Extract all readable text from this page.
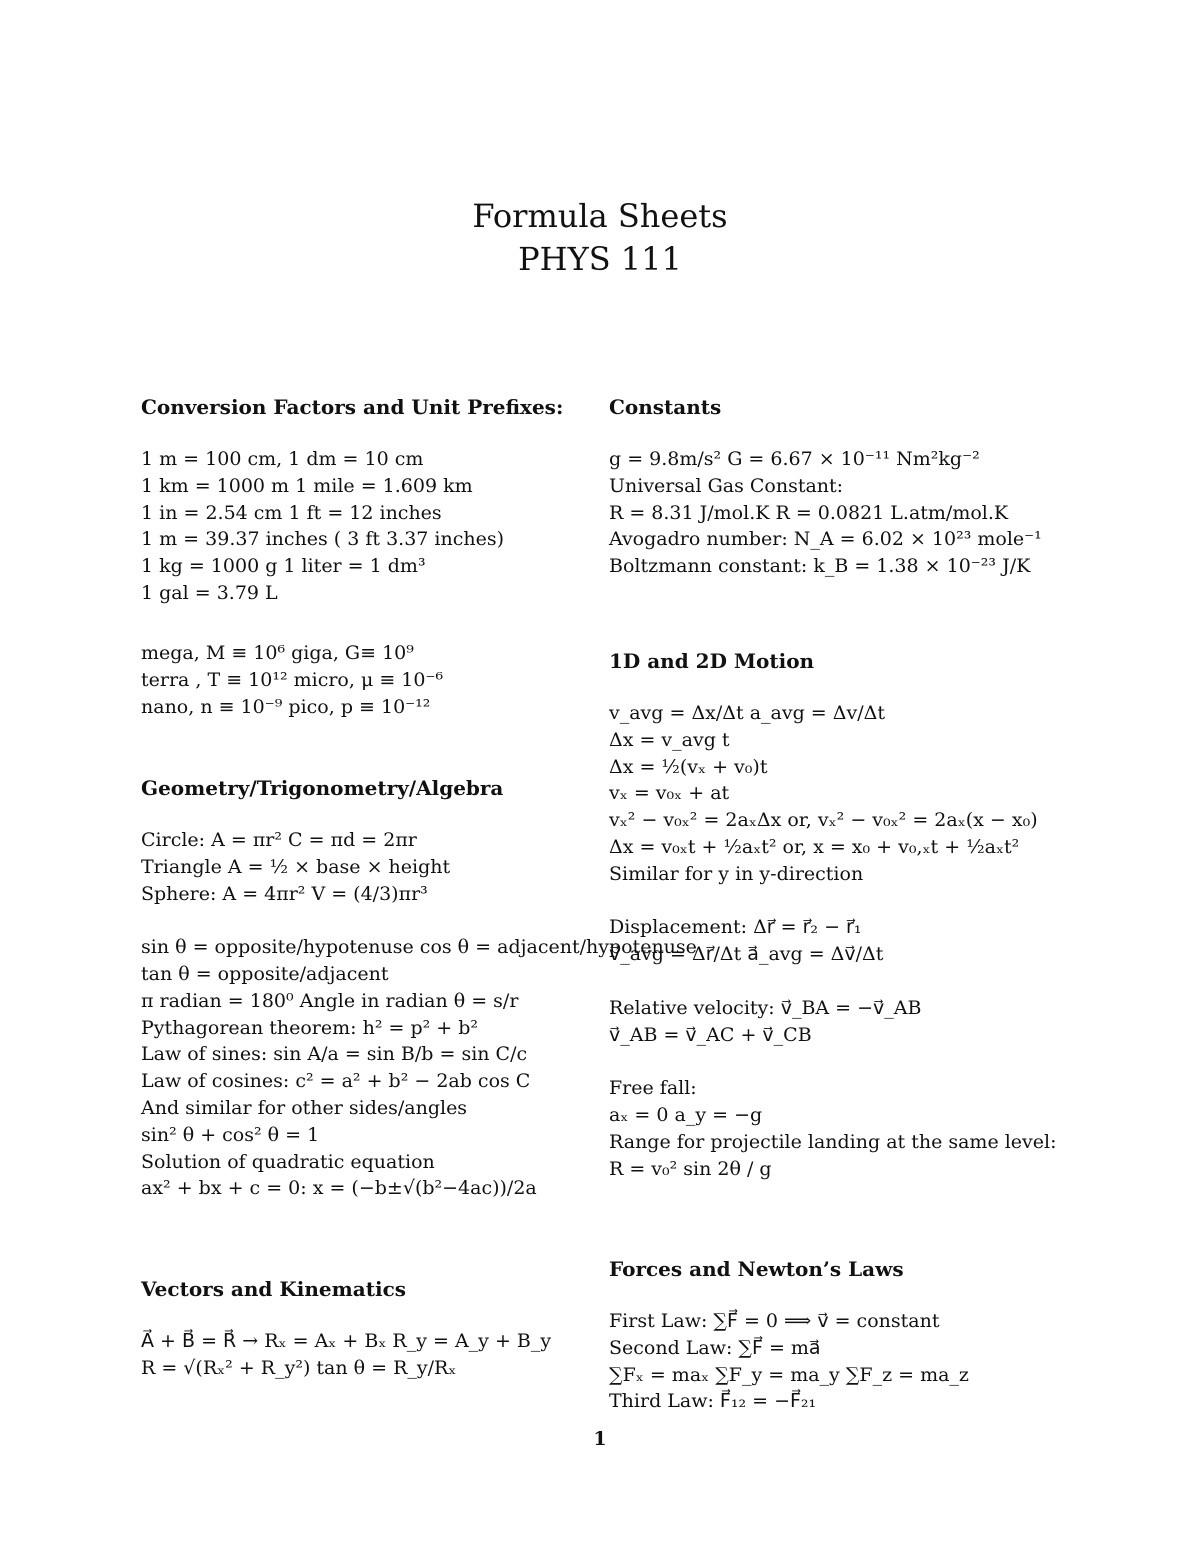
Formula Sheets
PHYS 111
Conversion Factors and Unit Prefixes:
1 m = 100 cm, 1 dm = 10 cm
1 km = 1000 m 1 mile = 1.609 km
1 in = 2.54 cm 1 ft = 12 inches
1 m = 39.37 inches ( 3 ft 3.37 inches)
1 kg = 1000 g 1 liter = 1 dm³
1 gal = 3.79 L
mega, M ≡ 10⁶ giga, G≡ 10⁹
terra , T ≡ 10¹² micro, μ ≡ 10⁻⁶
nano, n ≡ 10⁻⁹ pico, p ≡ 10⁻¹²
Geometry/Trigonometry/Algebra
Circle: A = πr² C = πd = 2πr
Triangle A = ½ × base × height
Sphere: A = 4πr² V = (4/3)πr³

sin θ = opposite/hypotenuse cos θ = adjacent/hypotenuse
tan θ = opposite/adjacent
π radian = 180⁰ Angle in radian θ = s/r
Pythagorean theorem: h² = p² + b²
Law of sines: sin A/a = sin B/b = sin C/c
Law of cosines: c² = a² + b² − 2ab cos C
And similar for other sides/angles
sin² θ + cos² θ = 1
Solution of quadratic equation
ax² + bx + c = 0: x = (−b±√(b²−4ac))/2a
Vectors and Kinematics
A⃗ + B⃗ = R⃗ → Rₓ = Aₓ + Bₓ R_y = A_y + B_y
R = √(Rₓ² + R_y²) tan θ = R_y/Rₓ
Constants
g = 9.8m/s² G = 6.67 × 10⁻¹¹ Nm²kg⁻²
Universal Gas Constant:
R = 8.31 J/mol.K R = 0.0821 L.atm/mol.K
Avogadro number: N_A = 6.02 × 10²³ mole⁻¹
Boltzmann constant: k_B = 1.38 × 10⁻²³ J/K
1D and 2D Motion
v_avg = Δx/Δt a_avg = Δv/Δt
Δx = v_avg t
Δx = ½(vₓ + v₀)t
vₓ = v₀ₓ + at
vₓ² − v₀ₓ² = 2aₓΔx or, vₓ² − v₀ₓ² = 2aₓ(x − x₀)
Δx = v₀ₓt + ½aₓt² or, x = x₀ + v₀,ₓt + ½aₓt²
Similar for y in y-direction

Displacement: Δr⃗ = r⃗₂ − r⃗₁
v⃗_avg = Δr⃗/Δt a⃗_avg = Δv⃗/Δt

Relative velocity: v⃗_BA = −v⃗_AB
v⃗_AB = v⃗_AC + v⃗_CB

Free fall:
aₓ = 0 a_y = −g
Range for projectile landing at the same level:
R = v₀² sin 2θ / g
Forces and Newton’s Laws
First Law: ∑F⃗ = 0 ⟹ v⃗ = constant
Second Law: ∑F⃗ = ma⃗
∑Fₓ = maₓ ∑F_y = ma_y ∑F_z = ma_z
Third Law: F⃗₁₂ = −F⃗₂₁
1
